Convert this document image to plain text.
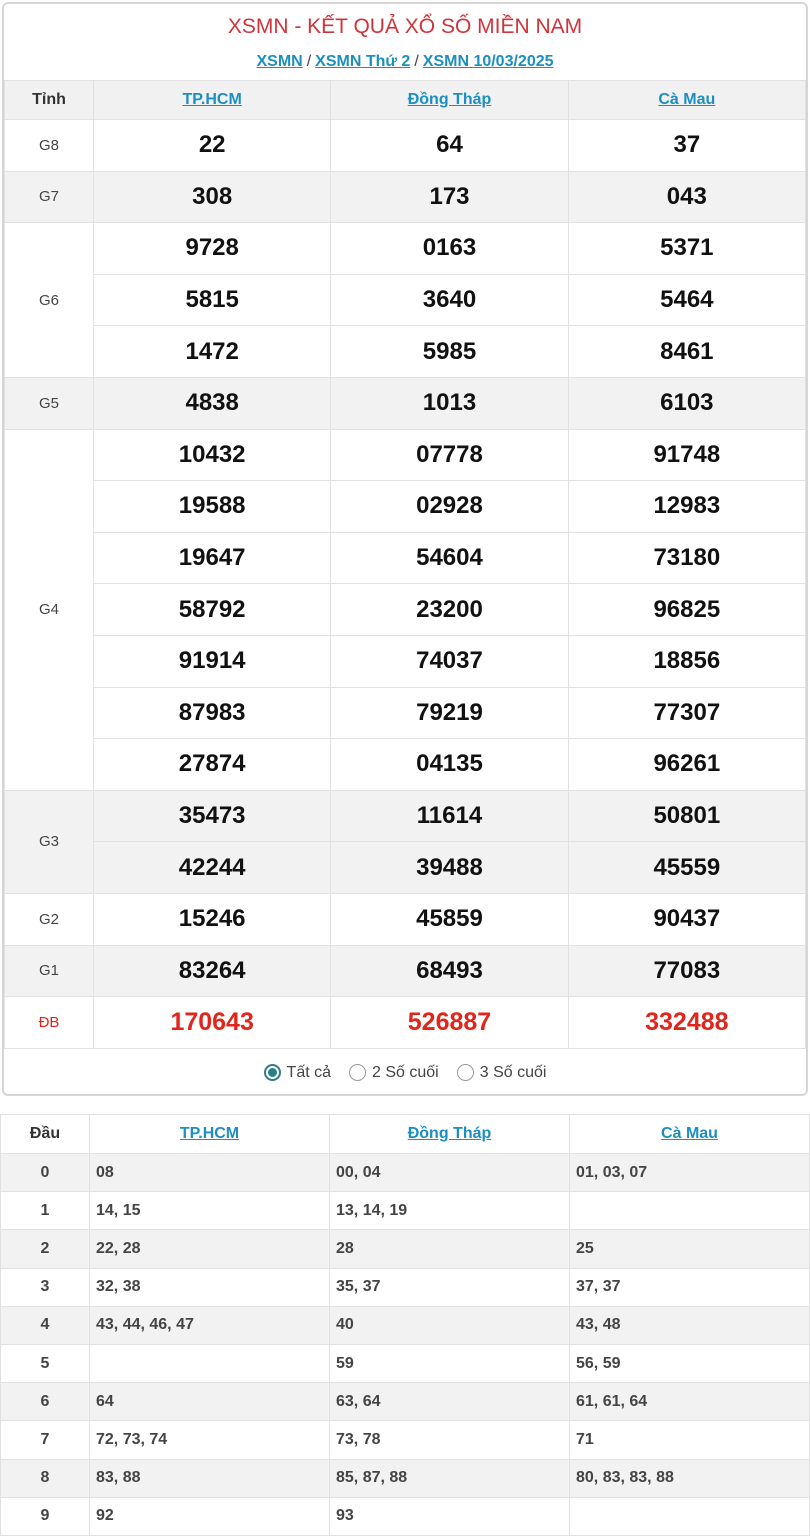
XSMN - KẾT QUẢ XỔ SỐ MIỀN NAM
XSMN / XSMN Thứ 2 / XSMN 10/03/2025
Tỉnh	TP.HCM	Đồng Tháp	Cà Mau
G8	22	64	37
G7	308	173	043
G6	9728	0163	5371
	5815	3640	5464
	1472	5985	8461
G5	4838	1013	6103
G4	10432	07778	91748
	19588	02928	12983
	19647	54604	73180
	58792	23200	96825
	91914	74037	18856
	87983	79219	77307
	27874	04135	96261
G3	35473	11614	50801
	42244	39488	45559
G2	15246	45859	90437
G1	83264	68493	77083
ĐB	170643	526887	332488
Tất cả	2 Số cuối	3 Số cuối
Đầu	TP.HCM	Đồng Tháp	Cà Mau
0	08	00, 04	01, 03, 07
1	14, 15	13, 14, 19	
2	22, 28	28	25
3	32, 38	35, 37	37, 37
4	43, 44, 46, 47	40	43, 48
5		59	56, 59
6	64	63, 64	61, 61, 64
7	72, 73, 74	73, 78	71
8	83, 88	85, 87, 88	80, 83, 83, 88
9	92	93	
